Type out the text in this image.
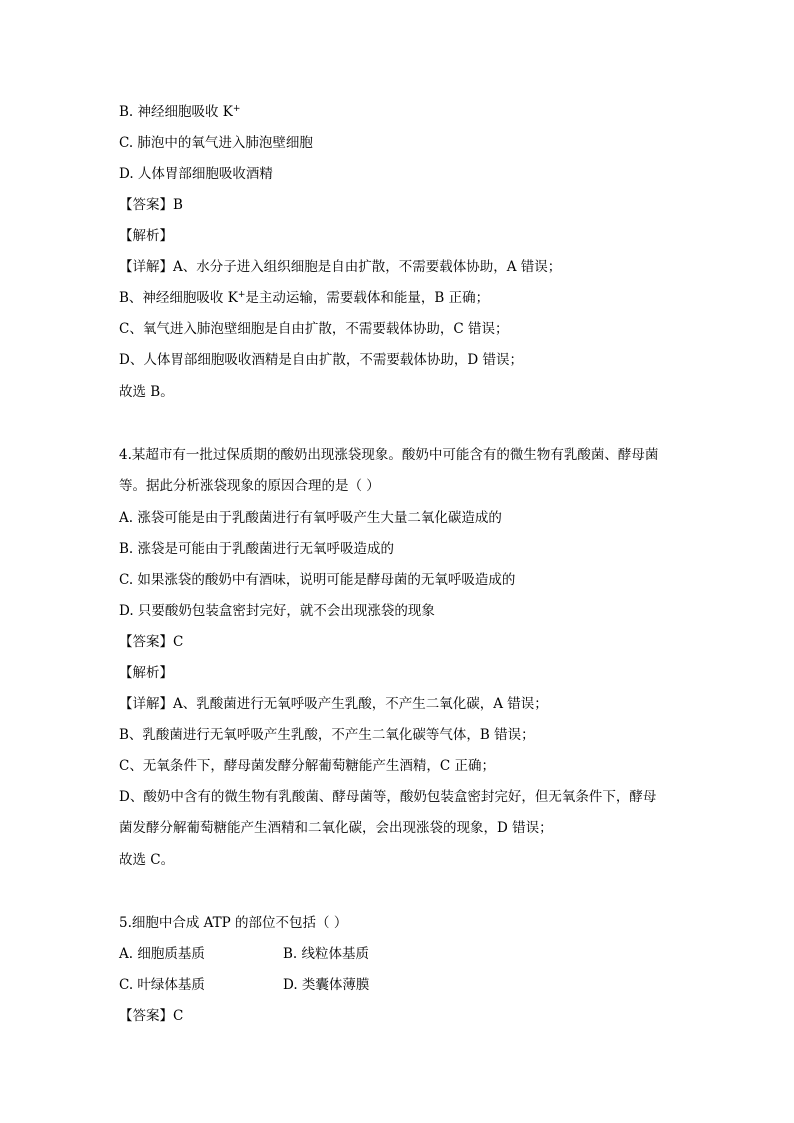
B. 神经细胞吸收 K+
C. 肺泡中的氧气进入肺泡壁细胞
D. 人体胃部细胞吸收酒精
【答案】B
【解析】
【详解】A、水分子进入组织细胞是自由扩散，不需要载体协助，A 错误；
B、神经细胞吸收 K+是主动运输，需要载体和能量，B 正确；
C、氧气进入肺泡壁细胞是自由扩散，不需要载体协助，C 错误；
D、人体胃部细胞吸收酒精是自由扩散，不需要载体协助，D 错误；
故选 B。
4.某超市有一批过保质期的酸奶出现涨袋现象。酸奶中可能含有的微生物有乳酸菌、酵母菌
等。据此分析涨袋现象的原因合理的是（ ）
A. 涨袋可能是由于乳酸菌进行有氧呼吸产生大量二氧化碳造成的
B. 涨袋是可能由于乳酸菌进行无氧呼吸造成的
C. 如果涨袋的酸奶中有酒味，说明可能是酵母菌的无氧呼吸造成的
D. 只要酸奶包装盒密封完好，就不会出现涨袋的现象
【答案】C
【解析】
【详解】A、乳酸菌进行无氧呼吸产生乳酸，不产生二氧化碳，A 错误；
B、乳酸菌进行无氧呼吸产生乳酸，不产生二氧化碳等气体，B 错误；
C、无氧条件下，酵母菌发酵分解葡萄糖能产生酒精，C 正确；
D、酸奶中含有的微生物有乳酸菌、酵母菌等，酸奶包装盒密封完好，但无氧条件下，酵母
菌发酵分解葡萄糖能产生酒精和二氧化碳，会出现涨袋的现象，D 错误；
故选 C。
5.细胞中合成 ATP 的部位不包括（ ）
A. 细胞质基质	B. 线粒体基质
C. 叶绿体基质	D. 类囊体薄膜
【答案】C
